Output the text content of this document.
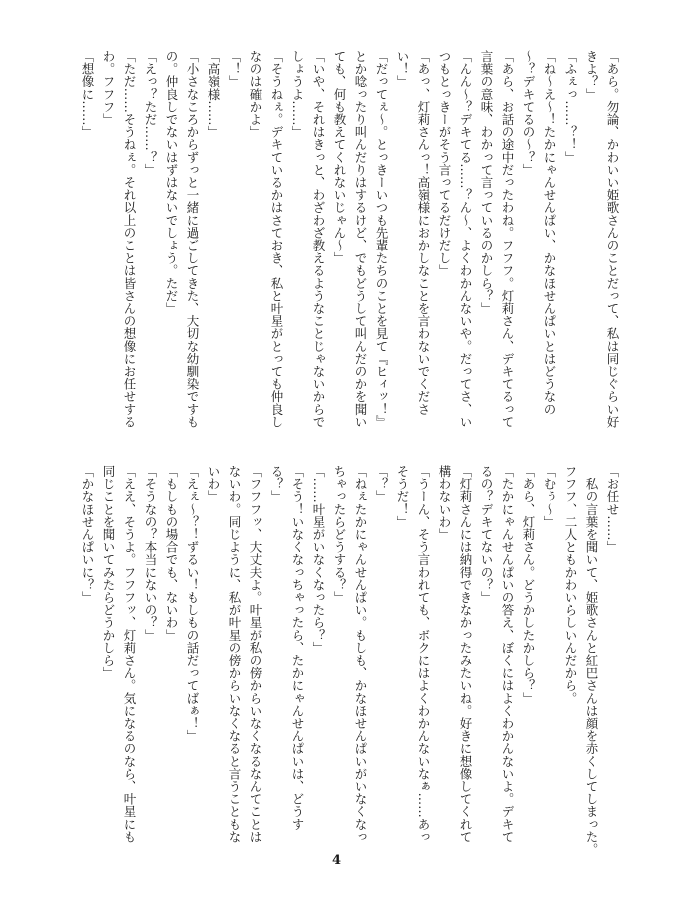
「あら。勿論、かわいい姫歌さんのことだって、私は同じぐらい好
きよ？」
「ふぇっ……？！」
「ね～え～！たかにゃんせんぱい、かなほせんぱいとはどうなの
～？デキてるの～？」
「あら、お話の途中だったわね。フフフ。灯莉さん、デキてるって
言葉の意味、わかって言っているのかしら？」
「んん～？デキてる……？ん～、よくわかんないや。だってさ、い
つもとっきーがそう言ってるだけだし」
「あっ、灯莉さんっ！高嶺様におかしなことを言わないでくださ
い！」
「だってぇ～。とっきーいつも先輩たちのことを見て『ヒィッ！』
とか唸ったり叫んだりはするけど、でもどうして叫んだのかを聞い
ても、何も教えてくれないじゃん～」
「いや、それはきっと、わざわざ教えるようなことじゃないからで
しょうよ……」
「そうねぇ。デキているかはさておき、私と叶星がとっても仲良し
なのは確かよ」
「！」
「高嶺様……」
「小さなころからずっと一緒に過ごしてきた、大切な幼馴染ですも
の。仲良しでないはずはないでしょう。ただ」
「えっ？ただ……？」
「ただ……そうねぇ。それ以上のことは皆さんの想像にお任せする
わ。フフフ」
「想像に……」
「お任せ……」
　私の言葉を聞いて、姫歌さんと紅巴さんは顔を赤くしてしまった。
フフフ、二人ともかわいらしいんだから。
「むぅ～」
「あら、灯莉さん。どうかしたかしら？」
「たかにゃんせんぱいの答え、ぼくにはよくわかんないよ。デキて
るの？デキてないの？」
「灯莉さんには納得できなかったみたいね。好きに想像してくれて
構わないわ」
「うーん、そう言われても、ボクにはよくわかんないなぁ……あっ
そうだ！」
「？」
「ねぇたかにゃんせんぱい。もしも、かなほせんぱいがいなくなっ
ちゃったらどうする？」
「……叶星がいなくなったら？」
「そう！いなくなっちゃったら、たかにゃんせんぱいは、どうす
る？」
「フフフッ、大丈夫よ。叶星が私の傍からいなくなるなんてことは
ないわ。同じように、私が叶星の傍からいなくなると言うこともな
いわ」
「えぇ～？！ずるい！もしもの話だってばぁ！」
「もしもの場合でも、ないわ」
「そうなの？本当にないの？」
「ええ、そうよ。フフフッ、灯莉さん。気になるのなら、叶星にも
同じことを聞いてみたらどうかしら」
「かなほせんぱいに？」
4
